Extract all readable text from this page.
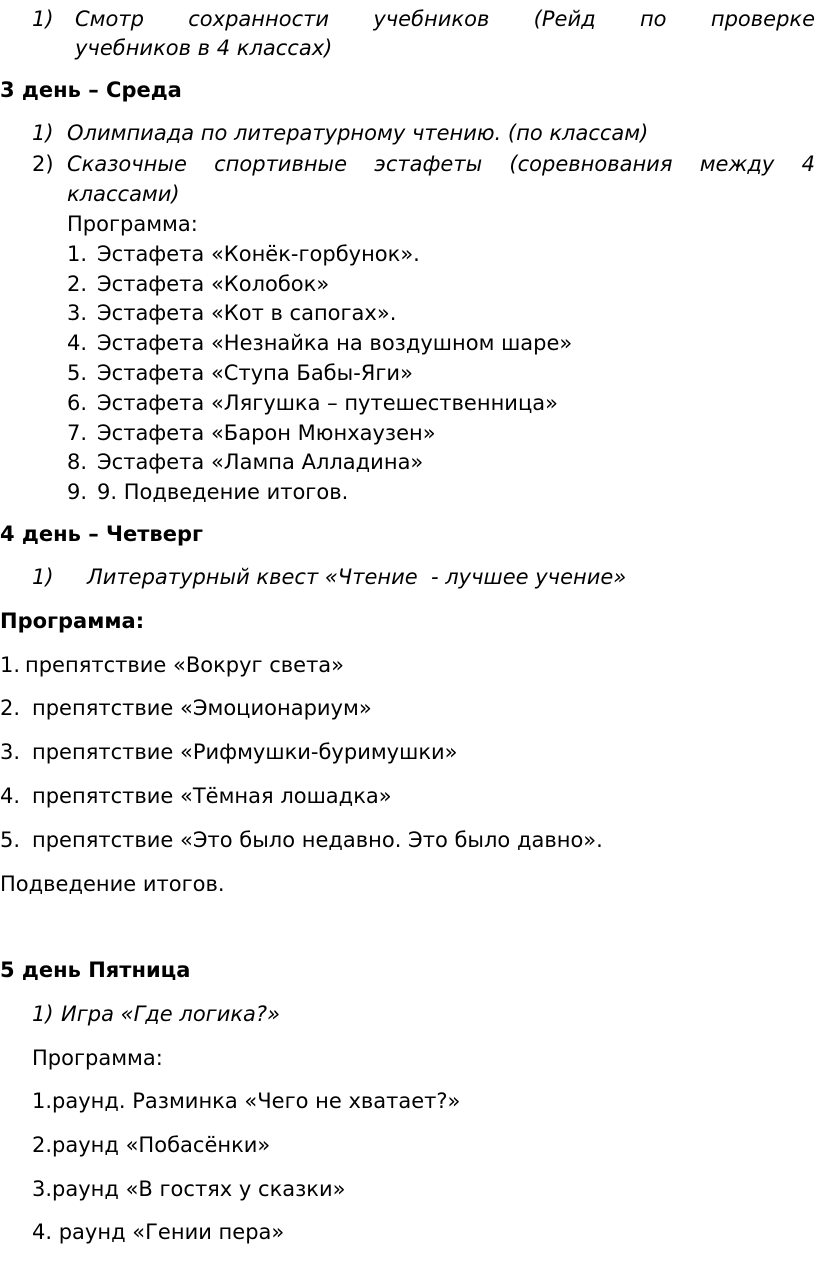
1) Смотр сохранности учебников (Рейд по проверке
учебников в 4 классах)
3 день – Среда
1) Олимпиада по литературному чтению. (по классам)
2) Сказочные спортивные эстафеты (соревнования между 4
классами)
Программа:
1. Эстафета «Конёк-горбунок».
2. Эстафета «Колобок»
3. Эстафета «Кот в сапогах».
4. Эстафета «Незнайка на воздушном шаре»
5. Эстафета «Ступа Бабы-Яги»
6. Эстафета «Лягушка – путешественница»
7. Эстафета «Барон Мюнхаузен»
8. Эстафета «Лампа Алладина»
9. 9. Подведение итогов.
4 день – Четверг
1) Литературный квест «Чтение  - лучшее учение»
Программа:
1. препятствие «Вокруг света»
2. препятствие «Эмоционариум»
3. препятствие «Рифмушки-буримушки»
4. препятствие «Тёмная лошадка»
5. препятствие «Это было недавно. Это было давно».
Подведение итогов.
5 день Пятница
1) Игра «Где логика?»
Программа:
1.раунд. Разминка «Чего не хватает?»
2.раунд «Побасёнки»
3.раунд «В гостях у сказки»
4. раунд «Гении пера»
